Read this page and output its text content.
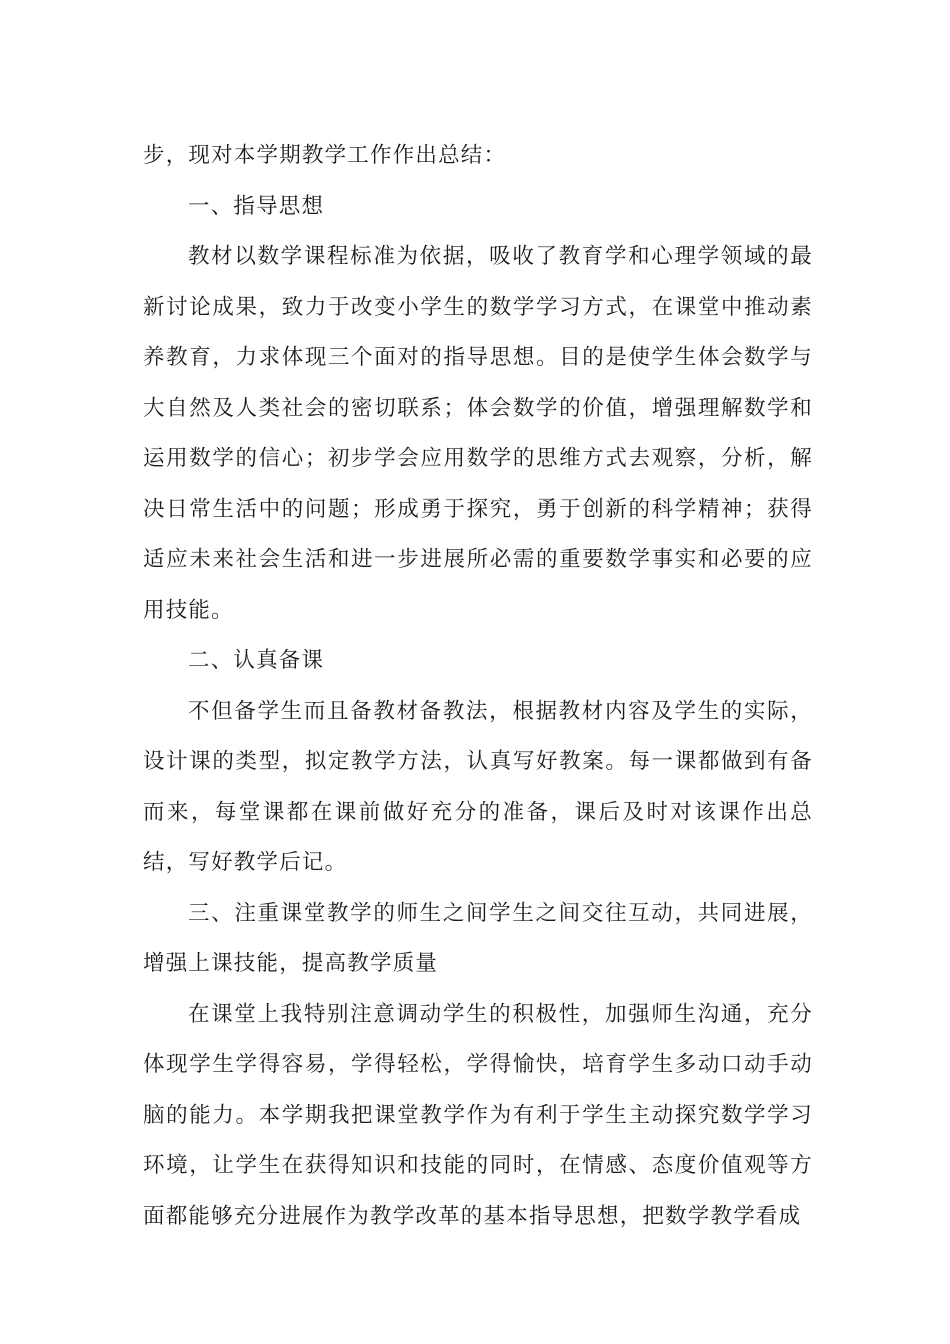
步，现对本学期教学工作作出总结：

一、指导思想

教材以数学课程标准为依据，吸收了教育学和心理学领域的最新讨论成果，致力于改变小学生的数学学习方式，在课堂中推动素养教育，力求体现三个面对的指导思想。目的是使学生体会数学与大自然及人类社会的密切联系；体会数学的价值，增强理解数学和运用数学的信心；初步学会应用数学的思维方式去观察，分析，解决日常生活中的问题；形成勇于探究，勇于创新的科学精神；获得适应未来社会生活和进一步进展所必需的重要数学事实和必要的应用技能。

二、认真备课

不但备学生而且备教材备教法，根据教材内容及学生的实际，设计课的类型，拟定教学方法，认真写好教案。每一课都做到有备而来，每堂课都在课前做好充分的准备，课后及时对该课作出总结，写好教学后记。

三、注重课堂教学的师生之间学生之间交往互动，共同进展，增强上课技能，提高教学质量

在课堂上我特别注意调动学生的积极性，加强师生沟通，充分体现学生学得容易，学得轻松，学得愉快，培育学生多动口动手动脑的能力。本学期我把课堂教学作为有利于学生主动探究数学学习环境，让学生在获得知识和技能的同时，在情感、态度价值观等方面都能够充分进展作为教学改革的基本指导思想，把数学教学看成
